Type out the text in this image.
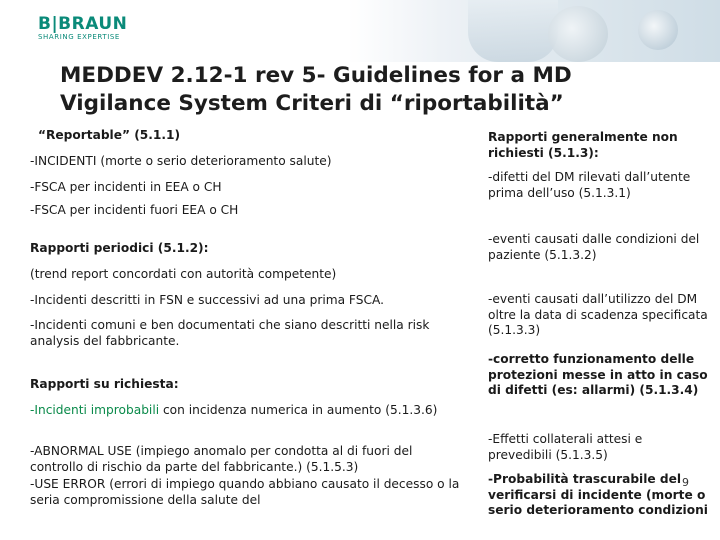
B|BRAUN
SHARING EXPERTISE
MEDDEV 2.12-1 rev 5- Guidelines for a MD
Vigilance System Criteri di “riportabilità”
“Reportable” (5.1.1)
-INCIDENTI (morte o serio deterioramento salute)
-FSCA per incidenti in EEA o CH
-FSCA per incidenti fuori EEA o CH
Rapporti periodici (5.1.2):
(trend report concordati con autorità competente)
-Incidenti descritti in FSN e successivi ad una prima FSCA.
-Incidenti comuni e ben documentati che siano descritti nella risk analysis del fabbricante.
Rapporti su richiesta:
-Incidenti improbabili con incidenza numerica in aumento (5.1.3.6)
-ABNORMAL USE (impiego anomalo per condotta al di fuori del controllo di rischio da parte del fabbricante.) (5.1.5.3)
-USE ERROR (errori di impiego quando abbiano causato il decesso o la seria compromissione della salute del
Rapporti generalmente non richiesti (5.1.3):
-difetti del DM rilevati dall’utente prima dell’uso (5.1.3.1)
-eventi causati dalle condizioni del paziente (5.1.3.2)
-eventi causati dall’utilizzo del DM oltre la data di scadenza specificata (5.1.3.3)
-corretto funzionamento delle protezioni messe in atto in caso di difetti (es: allarmi) (5.1.3.4)
-Effetti collaterali attesi e prevedibili (5.1.3.5)
-Probabilità trascurabile del verificarsi di incidente (morte o serio deterioramento condizioni
9
